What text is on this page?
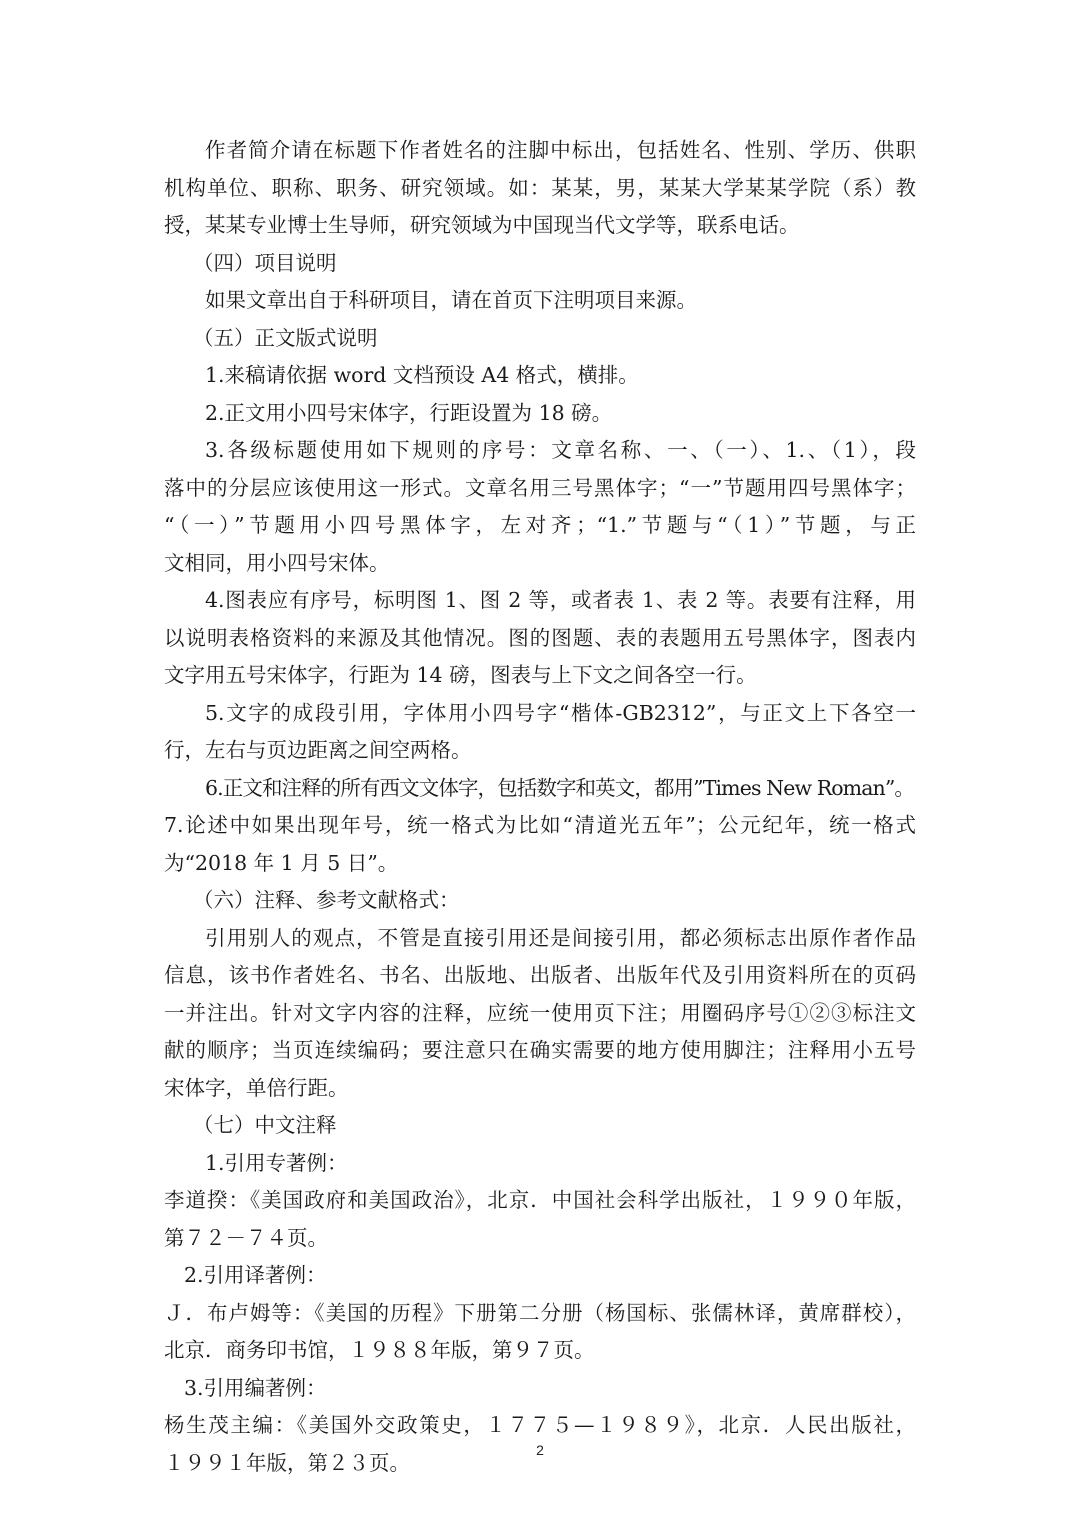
作者简介请在标题下作者姓名的注脚中标出，包括姓名、性别、学历、供职
机构单位、职称、职务、研究领域。如：某某，男，某某大学某某学院（系）教
授，某某专业博士生导师，研究领域为中国现当代文学等，联系电话。
（四）项目说明
如果文章出自于科研项目，请在首页下注明项目来源。
（五）正文版式说明
1.来稿请依据 word 文档预设 A4 格式，横排。
2.正文用小四号宋体字，行距设置为 18 磅。
3.各级标题使用如下规则的序号：文章名称、一、（一）、1.、（1），段
落中的分层应该使用这一形式。文章名用三号黑体字；“一”节题用四号黑体字；
“（一）”节题用小四号黑体字，左对齐；“1.”节题与“（1）”节题，与正
文相同，用小四号宋体。
4.图表应有序号，标明图 1、图 2 等，或者表 1、表 2 等。表要有注释，用
以说明表格资料的来源及其他情况。图的图题、表的表题用五号黑体字，图表内
文字用五号宋体字，行距为 14 磅，图表与上下文之间各空一行。
5.文字的成段引用，字体用小四号字“楷体-GB2312”，与正文上下各空一
行，左右与页边距离之间空两格。
6.正文和注释的所有西文文体字，包括数字和英文，都用”Times New Roman”。
7.论述中如果出现年号，统一格式为比如“清道光五年”；公元纪年，统一格式
为“2018 年 1 月 5 日”。
（六）注释、参考文献格式：
引用别人的观点，不管是直接引用还是间接引用，都必须标志出原作者作品
信息，该书作者姓名、书名、出版地、出版者、出版年代及引用资料所在的页码
一并注出。针对文字内容的注释，应统一使用页下注；用圈码序号①②③标注文
献的顺序；当页连续编码；要注意只在确实需要的地方使用脚注；注释用小五号
宋体字，单倍行距。
（七）中文注释
1.引用专著例：
李道揆：《美国政府和美国政治》，北京．中国社会科学出版社，１９９０年版，
第７２－７４页。
2.引用译著例：
Ｊ．布卢姆等：《美国的历程》下册第二分册（杨国标、张儒林译，黄席群校），
北京．商务印书馆，１９８８年版，第９７页。
3.引用编著例：
杨生茂主编：《美国外交政策史，１７７５—１９８９》，北京．人民出版社，
１９９１年版，第２３页。
2
